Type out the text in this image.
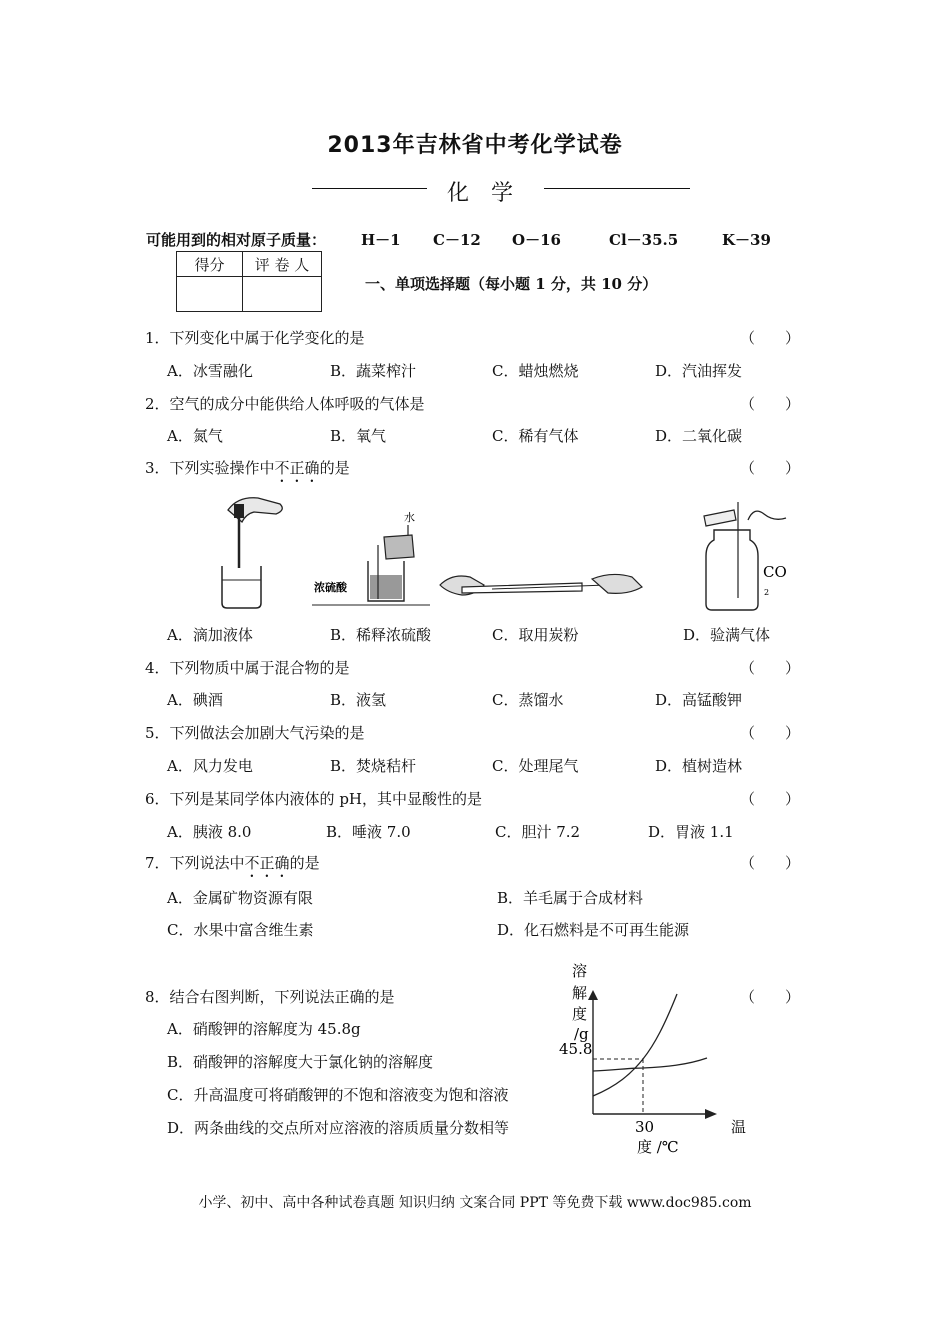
2013年吉林省中考化学试卷
化学
可能用到的相对原子质量： H－1 C－12 O－16	Cl－35.5	K－39
得分	评 卷 人

一、单项选择题（每小题 1 分，共 10 分）
1．下列变化中属于化学变化的是	（　　）
A．冰雪融化	B．蔬菜榨汁	C．蜡烛燃烧	D．汽油挥发
2．空气的成分中能供给人体呼吸的气体是	（　　）
A．氮气	B．氧气	C．稀有气体	D．二氧化碳
3．下列实验操作中不正确的是	（　　）
水
浓硫酸
CO
2
A．滴加液体	B．稀释浓硫酸	C．取用炭粉	D．验满气体
4．下列物质中属于混合物的是	（　　）
A．碘酒	B．液氢	C．蒸馏水	D．高锰酸钾
5．下列做法会加剧大气污染的是	（　　）
A．风力发电	B．焚烧秸杆	C．处理尾气	D．植树造林
6．下列是某同学体内液体的 pH，其中显酸性的是	（　　）
A．胰液 8.0	B．唾液 7.0	C．胆汁 7.2	D．胃液 1.1
7．下列说法中不正确的是	（　　）
A．金属矿物资源有限	B．羊毛属于合成材料
C．水果中富含维生素	D．化石燃料是不可再生能源
8．结合右图判断，下列说法正确的是	（　　）
A．硝酸钾的溶解度为 45.8g
B．硝酸钾的溶解度大于氯化钠的溶解度
C．升高温度可将硝酸钾的不饱和溶液变为饱和溶液
D．两条曲线的交点所对应溶液的溶质质量分数相等
溶
解
度
/g
45.8
30	温
度 /℃
小学、初中、高中各种试卷真题 知识归纳 文案合同 PPT 等免费下载 www.doc985.com
